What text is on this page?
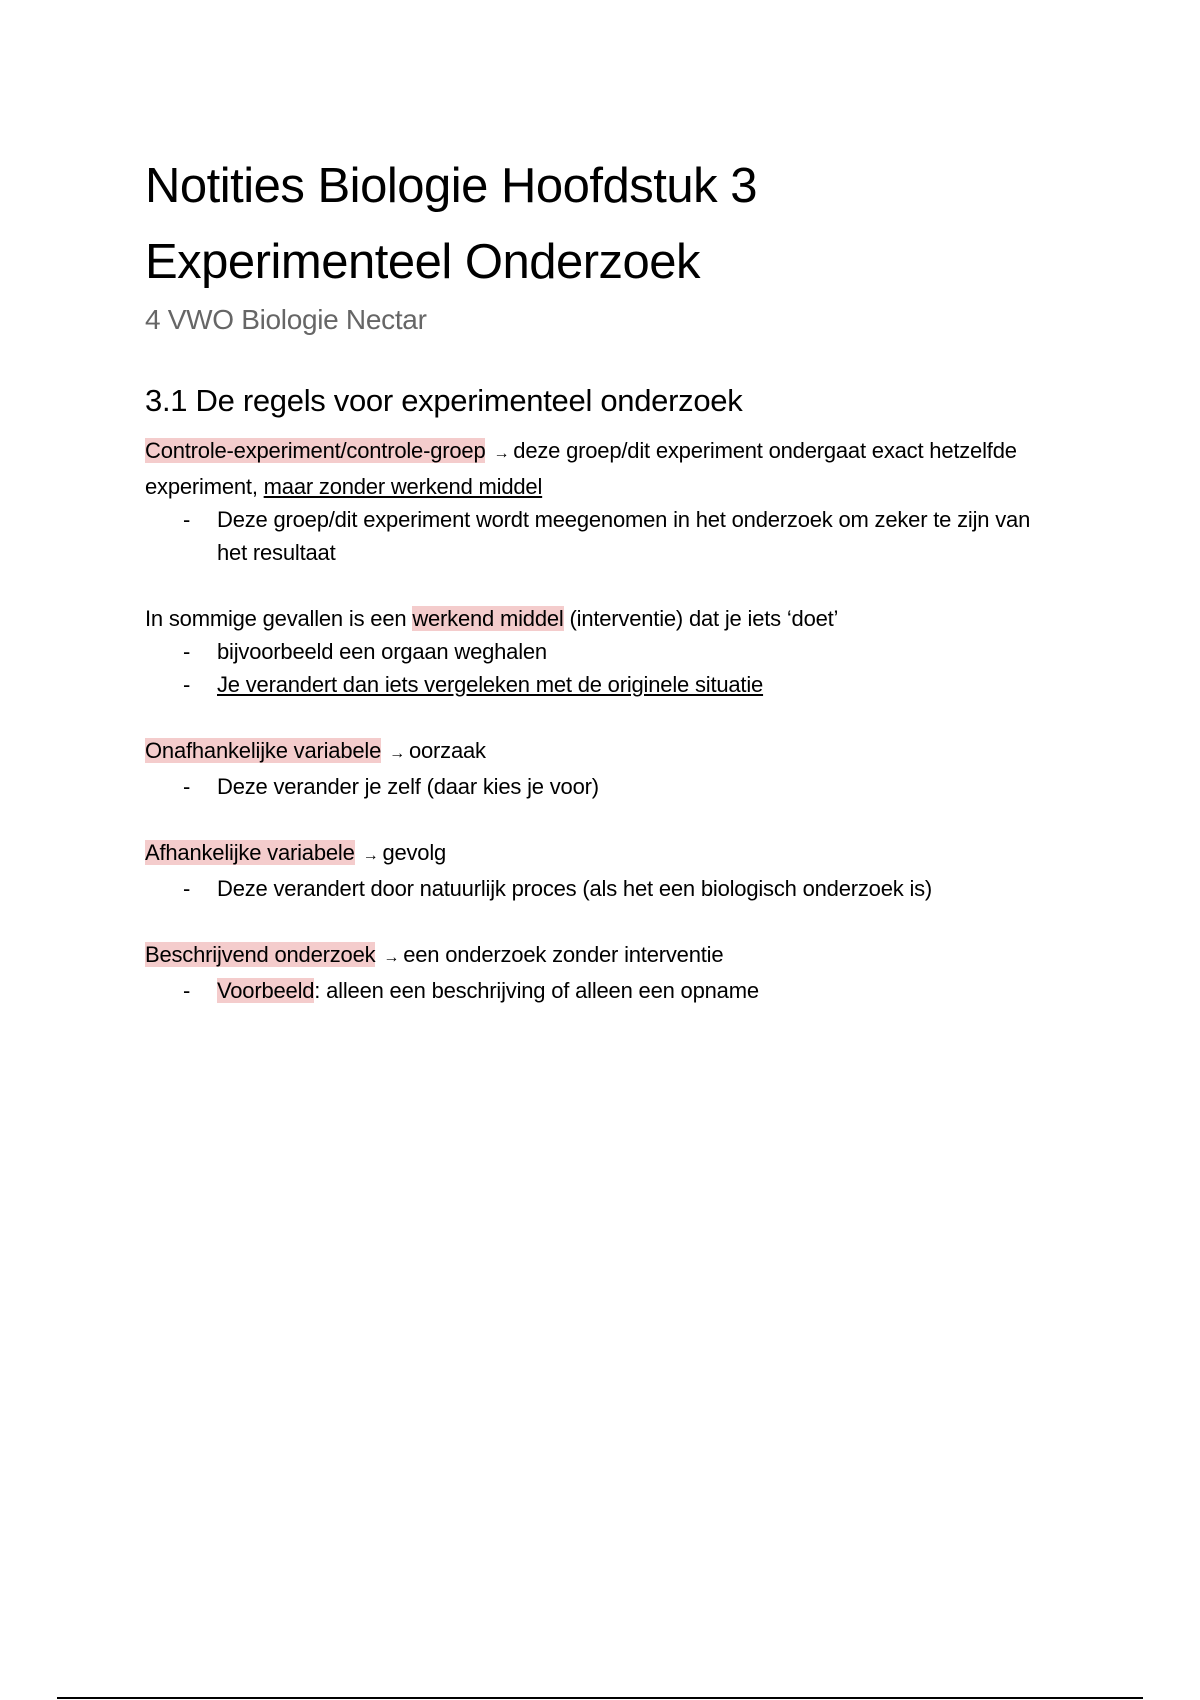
Notities Biologie Hoofdstuk 3
Experimenteel Onderzoek
4 VWO Biologie Nectar
3.1 De regels voor experimenteel onderzoek

Controle-experiment/controle-groep → deze groep/dit experiment ondergaat exact hetzelfde experiment, maar zonder werkend middel

- Deze groep/dit experiment wordt meegenomen in het onderzoek om zeker te zijn van het resultaat

In sommige gevallen is een werkend middel (interventie) dat je iets ‘doet’

- bijvoorbeeld een orgaan weghalen
- Je verandert dan iets vergeleken met de originele situatie

Onafhankelijke variabele → oorzaak

- Deze verander je zelf (daar kies je voor)

Afhankelijke variabele → gevolg

- Deze verandert door natuurlijk proces (als het een biologisch onderzoek is)

Beschrijvend onderzoek → een onderzoek zonder interventie

- Voorbeeld: alleen een beschrijving of alleen een opname
